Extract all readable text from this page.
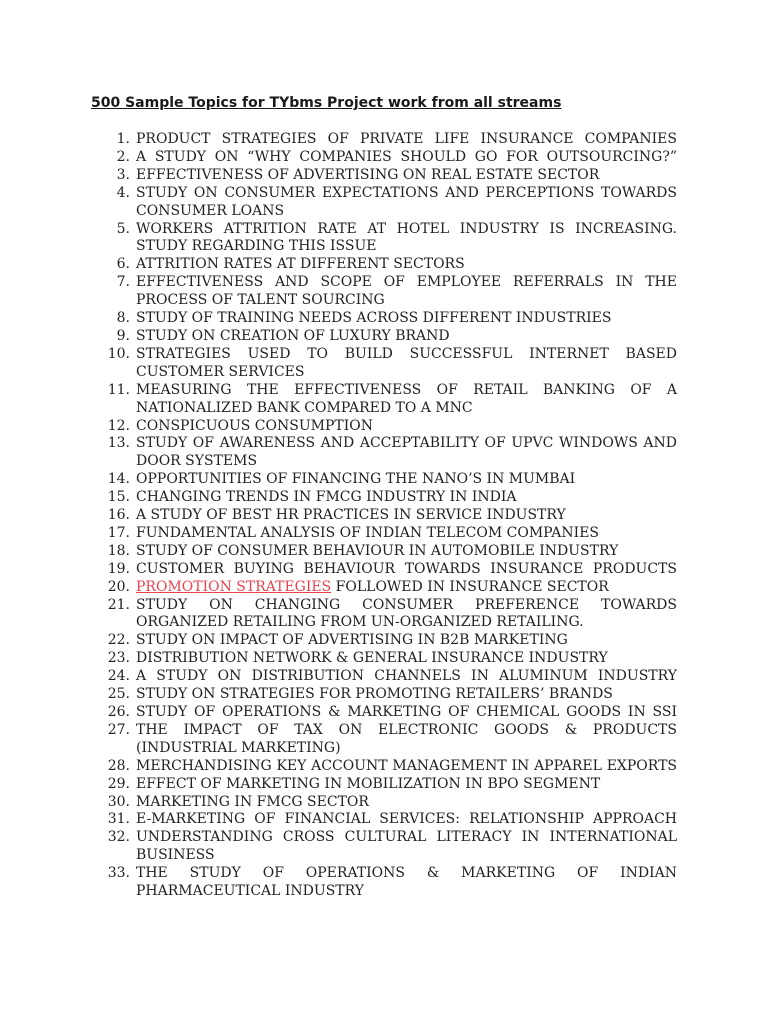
500 Sample Topics for TYbms Project work from all streams
1. PRODUCT STRATEGIES OF PRIVATE LIFE INSURANCE COMPANIES
2. A STUDY ON “WHY COMPANIES SHOULD GO FOR OUTSOURCING?”
3. EFFECTIVENESS OF ADVERTISING ON REAL ESTATE SECTOR
4. STUDY ON CONSUMER EXPECTATIONS AND PERCEPTIONS TOWARDS CONSUMER LOANS
5. WORKERS ATTRITION RATE AT HOTEL INDUSTRY IS INCREASING. STUDY REGARDING THIS ISSUE
6. ATTRITION RATES AT DIFFERENT SECTORS
7. EFFECTIVENESS AND SCOPE OF EMPLOYEE REFERRALS IN THE PROCESS OF TALENT SOURCING
8. STUDY OF TRAINING NEEDS ACROSS DIFFERENT INDUSTRIES
9. STUDY ON CREATION OF LUXURY BRAND
10. STRATEGIES USED TO BUILD SUCCESSFUL INTERNET BASED CUSTOMER SERVICES
11. MEASURING THE EFFECTIVENESS OF RETAIL BANKING OF A NATIONALIZED BANK COMPARED TO A MNC
12. CONSPICUOUS CONSUMPTION
13. STUDY OF AWARENESS AND ACCEPTABILITY OF UPVC WINDOWS AND DOOR SYSTEMS
14. OPPORTUNITIES OF FINANCING THE NANO’S IN MUMBAI
15. CHANGING TRENDS IN FMCG INDUSTRY IN INDIA
16. A STUDY OF BEST HR PRACTICES IN SERVICE INDUSTRY
17. FUNDAMENTAL ANALYSIS OF INDIAN TELECOM COMPANIES
18. STUDY OF CONSUMER BEHAVIOUR IN AUTOMOBILE INDUSTRY
19. CUSTOMER BUYING BEHAVIOUR TOWARDS INSURANCE PRODUCTS
20. PROMOTION STRATEGIES FOLLOWED IN INSURANCE SECTOR
21. STUDY ON CHANGING CONSUMER PREFERENCE TOWARDS ORGANIZED RETAILING FROM UN-ORGANIZED RETAILING.
22. STUDY ON IMPACT OF ADVERTISING IN B2B MARKETING
23. DISTRIBUTION NETWORK & GENERAL INSURANCE INDUSTRY
24. A STUDY ON DISTRIBUTION CHANNELS IN ALUMINUM INDUSTRY
25. STUDY ON STRATEGIES FOR PROMOTING RETAILERS’ BRANDS
26. STUDY OF OPERATIONS & MARKETING OF CHEMICAL GOODS IN SSI
27. THE IMPACT OF TAX ON ELECTRONIC GOODS & PRODUCTS (INDUSTRIAL MARKETING)
28. MERCHANDISING KEY ACCOUNT MANAGEMENT IN APPAREL EXPORTS
29. EFFECT OF MARKETING IN MOBILIZATION IN BPO SEGMENT
30. MARKETING IN FMCG SECTOR
31. E-MARKETING OF FINANCIAL SERVICES: RELATIONSHIP APPROACH
32. UNDERSTANDING CROSS CULTURAL LITERACY IN INTERNATIONAL BUSINESS
33. THE STUDY OF OPERATIONS & MARKETING OF INDIAN PHARMACEUTICAL INDUSTRY
